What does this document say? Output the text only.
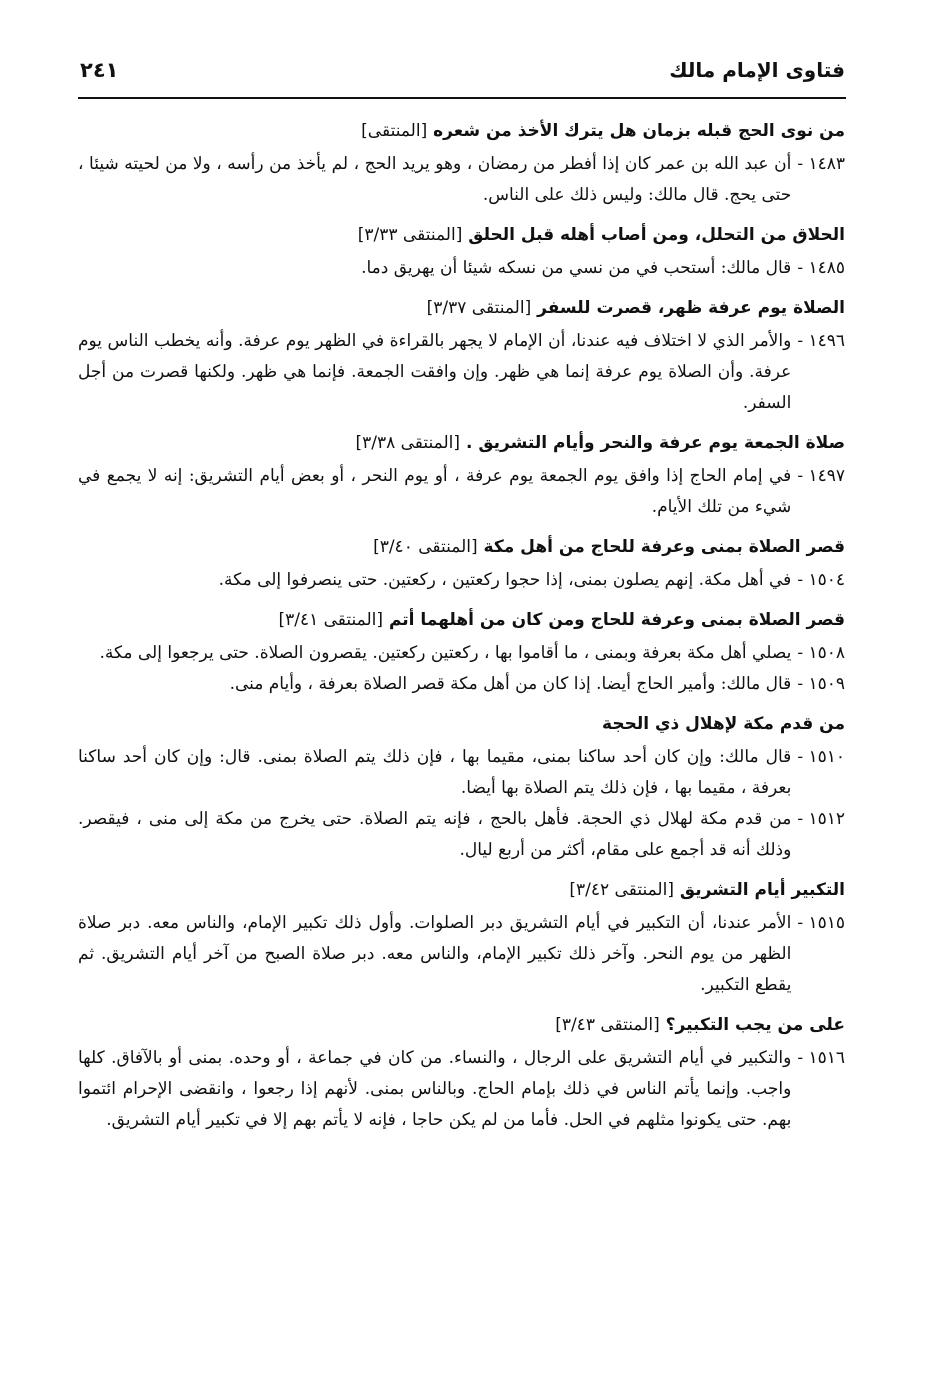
فتاوى الإمام مالك
٢٤١
من نوى الحج قبله بزمان هل يترك الأخذ من شعره [المنتقى]
١٤٨٣ -
أن عبد الله بن عمر كان إذا أفطر من رمضان ، وهو يريد الحج ، لم يأخذ من رأسه ، ولا من لحيته شيئا ، حتى يحج. قال مالك: وليس ذلك على الناس.
الحلاق من التحلل، ومن أصاب أهله قبل الحلق [المنتقى ٣/٣٣]
١٤٨٥ -
قال مالك: أستحب في من نسي من نسكه شيئا أن يهريق دما.
الصلاة يوم عرفة ظهر، قصرت للسفر [المنتقى ٣/٣٧]
١٤٩٦ -
والأمر الذي لا اختلاف فيه عندنا، أن الإمام لا يجهر بالقراءة في الظهر يوم عرفة. وأنه يخطب الناس يوم عرفة. وأن الصلاة يوم عرفة إنما هي ظهر. وإن وافقت الجمعة. فإنما هي ظهر. ولكنها قصرت من أجل السفر.
صلاة الجمعة يوم عرفة والنحر وأيام التشريق . [المنتقى ٣/٣٨]
١٤٩٧ -
في إمام الحاج إذا وافق يوم الجمعة يوم عرفة ، أو يوم النحر ، أو بعض أيام التشريق: إنه لا يجمع في شيء من تلك الأيام.
قصر الصلاة بمنى وعرفة للحاج من أهل مكة [المنتقى ٣/٤٠]
١٥٠٤ -
في أهل مكة. إنهم يصلون بمنى، إذا حجوا ركعتين ، ركعتين. حتى ينصرفوا إلى مكة.
قصر الصلاة بمنى وعرفة للحاج ومن كان من أهلهما أتم [المنتقى ٣/٤١]
١٥٠٨ -
يصلي أهل مكة بعرفة وبمنى ، ما أقاموا بها ، ركعتين ركعتين. يقصرون الصلاة. حتى يرجعوا إلى مكة.
١٥٠٩ -
قال مالك: وأمير الحاج أيضا. إذا كان من أهل مكة قصر الصلاة بعرفة ، وأيام منى.
من قدم مكة لإهلال ذي الحجة
١٥١٠ -
قال مالك: وإن كان أحد ساكنا بمنى، مقيما بها ، فإن ذلك يتم الصلاة بمنى. قال: وإن كان أحد ساكنا بعرفة ، مقيما بها ، فإن ذلك يتم الصلاة بها أيضا.
١٥١٢ -
من قدم مكة لهلال ذي الحجة. فأهل بالحج ، فإنه يتم الصلاة. حتى يخرج من مكة إلى منى ، فيقصر. وذلك أنه قد أجمع على مقام، أكثر من أربع ليال.
التكبير أيام التشريق [المنتقى ٣/٤٢]
١٥١٥ -
الأمر عندنا، أن التكبير في أيام التشريق دبر الصلوات. وأول ذلك تكبير الإمام، والناس معه. دبر صلاة الظهر من يوم النحر. وآخر ذلك تكبير الإمام، والناس معه. دبر صلاة الصبح من آخر أيام التشريق. ثم يقطع التكبير.
على من يجب التكبير؟ [المنتقى ٣/٤٣]
١٥١٦ -
والتكبير في أيام التشريق على الرجال ، والنساء. من كان في جماعة ، أو وحده. بمنى أو بالآفاق. كلها واجب. وإنما يأتم الناس في ذلك بإمام الحاج. وبالناس بمنى. لأنهم إذا رجعوا ، وانقضى الإحرام ائتموا بهم. حتى يكونوا مثلهم في الحل. فأما من لم يكن حاجا ، فإنه لا يأتم بهم إلا في تكبير أيام التشريق.
